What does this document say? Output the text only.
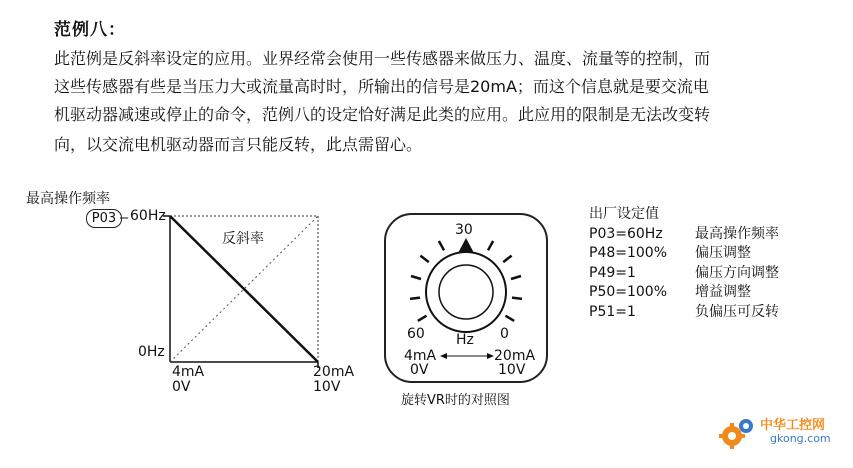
范例八：
此范例是反斜率设定的应用。业界经常会使用一些传感器来做压力、温度、流量等的控制，而
这些传感器有些是当压力大或流量高时时，所输出的信号是20mA；而这个信息就是要交流电
机驱动器减速或停止的命令，范例八的设定恰好满足此类的应用。此应用的限制是无法改变转
向，以交流电机驱动器而言只能反转，此点需留心。
最高操作频率
P03 60Hz
0Hz
反斜率
4mA
0V
20mA
10V
30
60	0
Hz
4mA	20mA
0V	10V
旋转VR时的对照图
出厂设定值
P03=60Hz 最高操作频率
P48=100% 偏压调整
P49=1	偏压方向调整
P50=100% 增益调整
P51=1	负偏压可反转
中华工控网
gkong.com
